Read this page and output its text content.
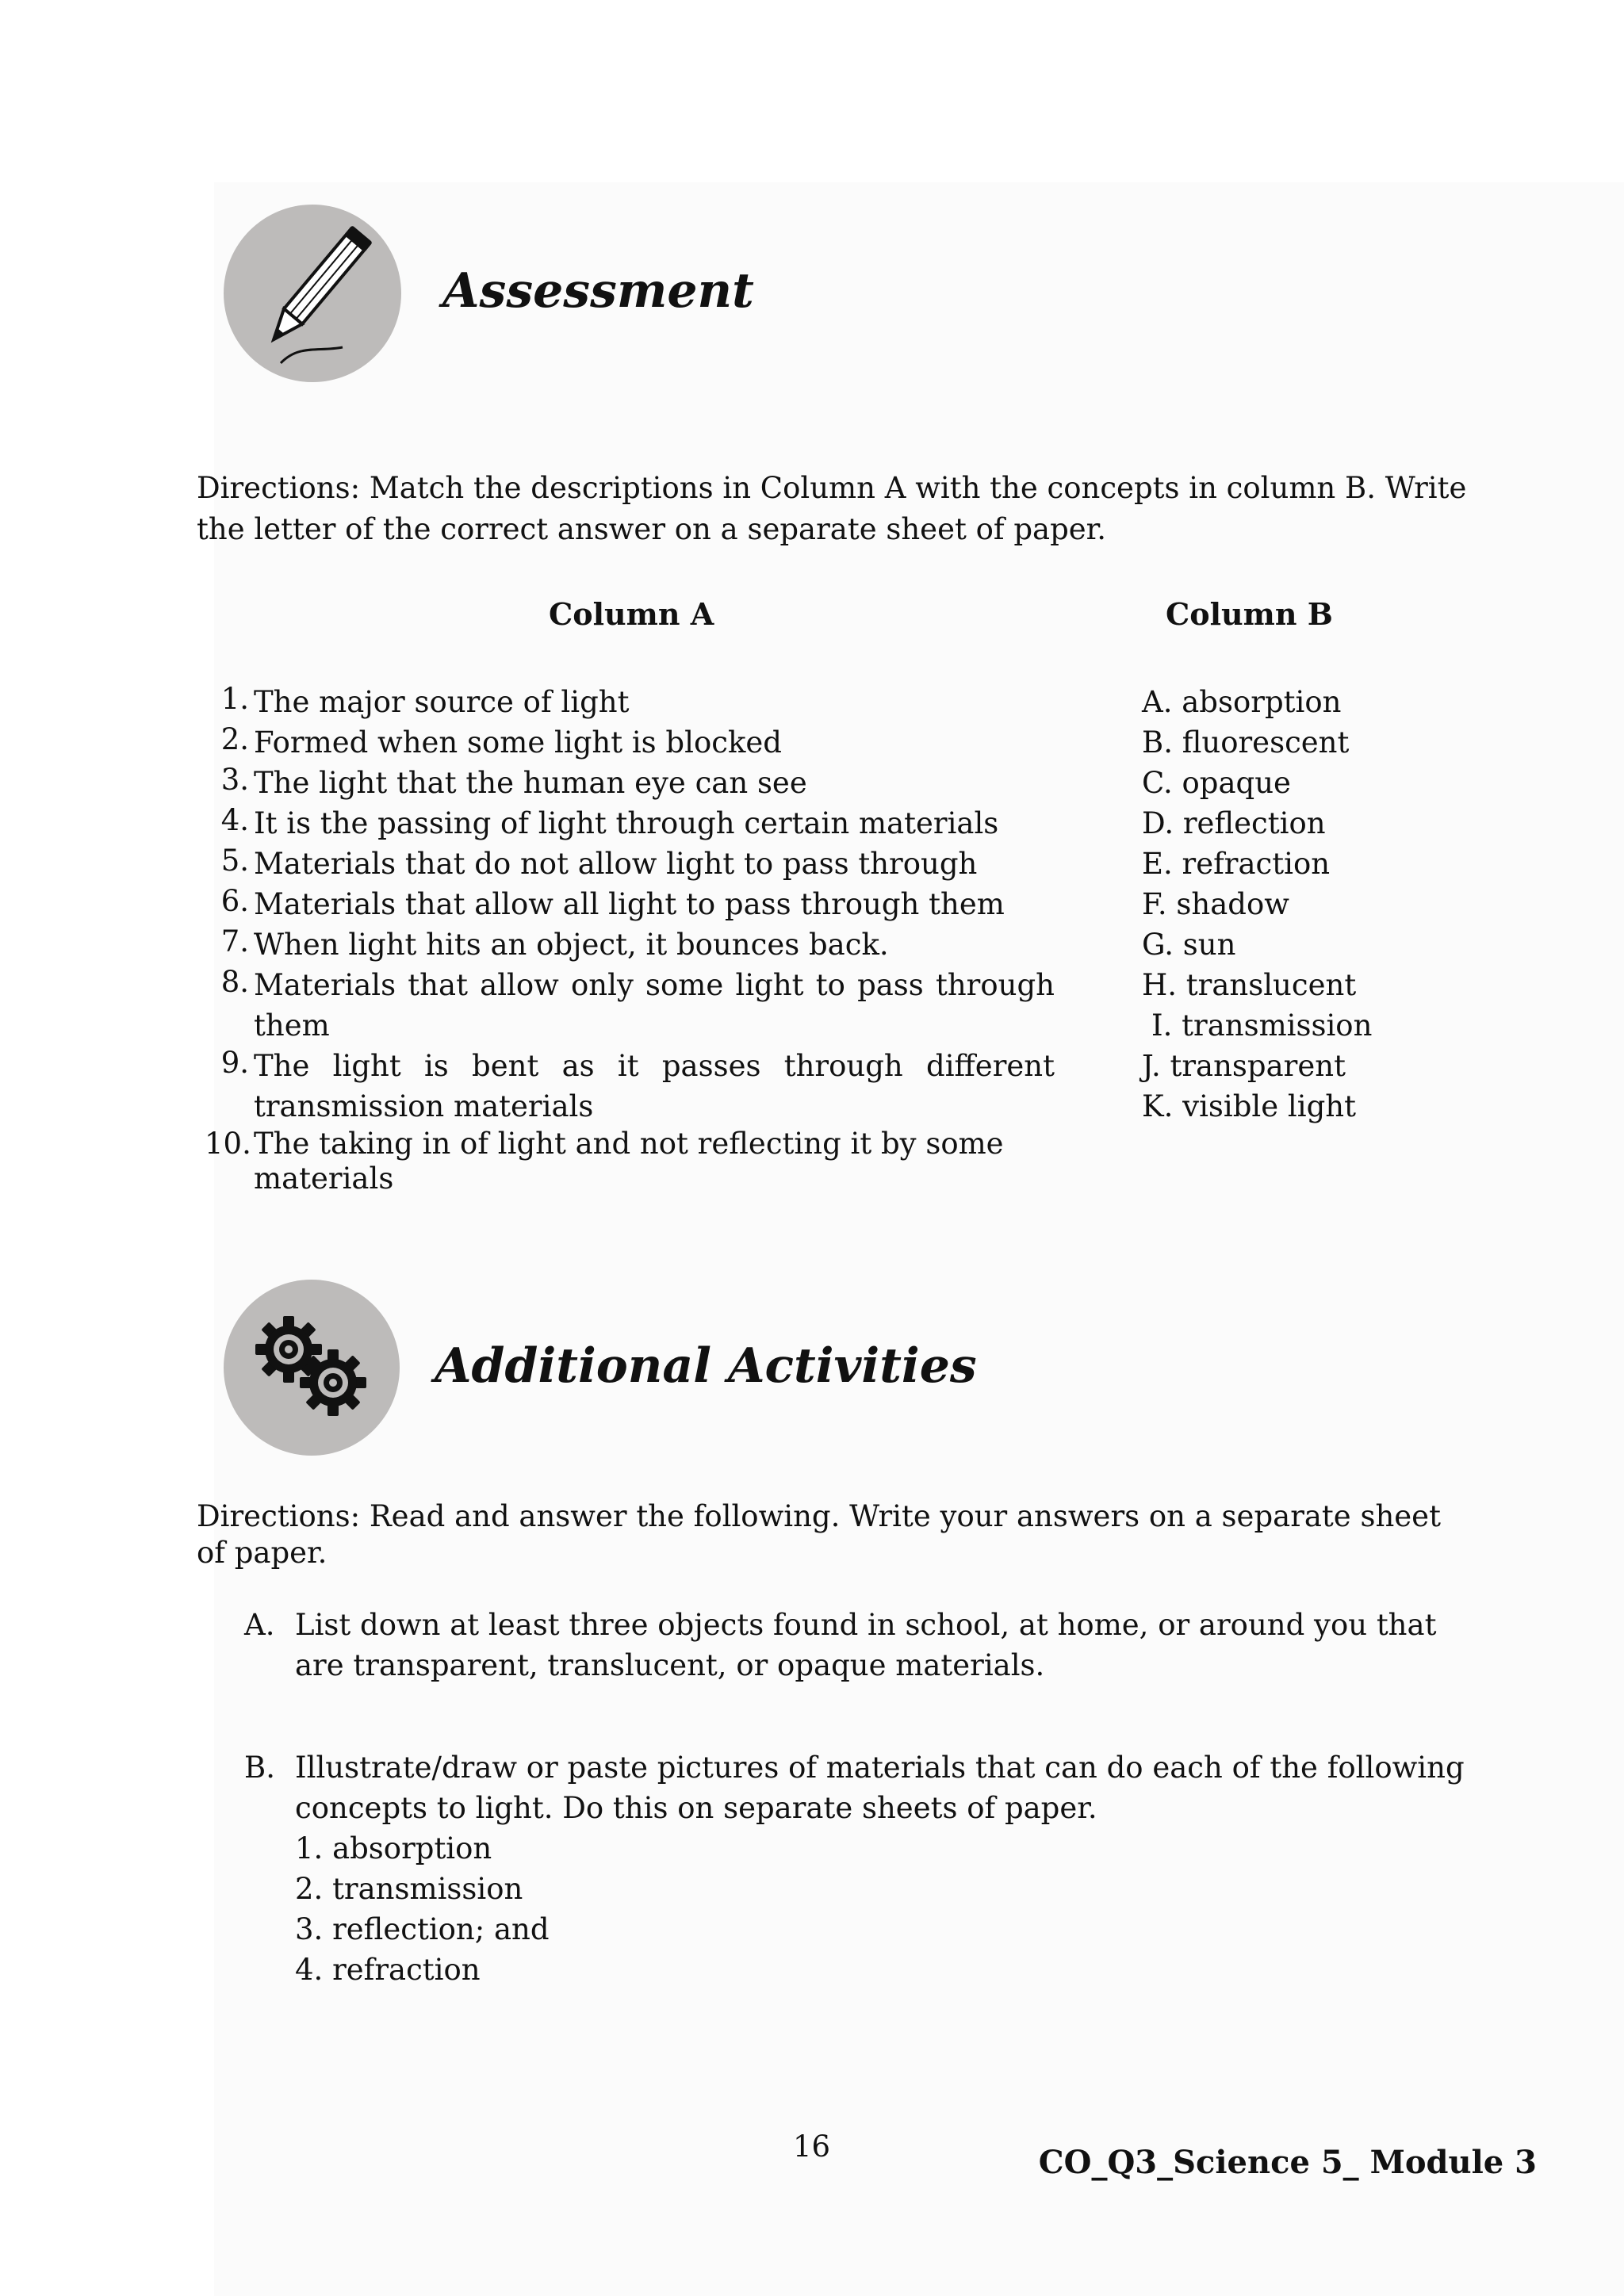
Assessment
Directions: Match the descriptions in Column A with the concepts in column B. Write
the letter of the correct answer on a separate sheet of paper.
Column A	Column B
1. The major source of light
2. Formed when some light is blocked
3. The light that the human eye can see
4. It is the passing of light through certain materials
5. Materials that do not allow light to pass through
6. Materials that allow all light to pass through them
7. When light hits an object, it bounces back.
8. Materials that allow only some light to pass through
them
9. The light is bent as it passes through different
transmission materials
10. The taking in of light and not reflecting it by some
materials
A. absorption
B. fluorescent
C. opaque
D. reflection
E. refraction
F. shadow
G. sun
H. translucent
I. transmission
J. transparent
K. visible light
Additional Activities
Directions: Read and answer the following. Write your answers on a separate sheet
of paper.
A. List down at least three objects found in school, at home, or around you that
are transparent, translucent, or opaque materials.
B. Illustrate/draw or paste pictures of materials that can do each of the following
concepts to light. Do this on separate sheets of paper.
1. absorption
2. transmission
3. reflection; and
4. refraction
16	CO_Q3_Science 5_ Module 3
